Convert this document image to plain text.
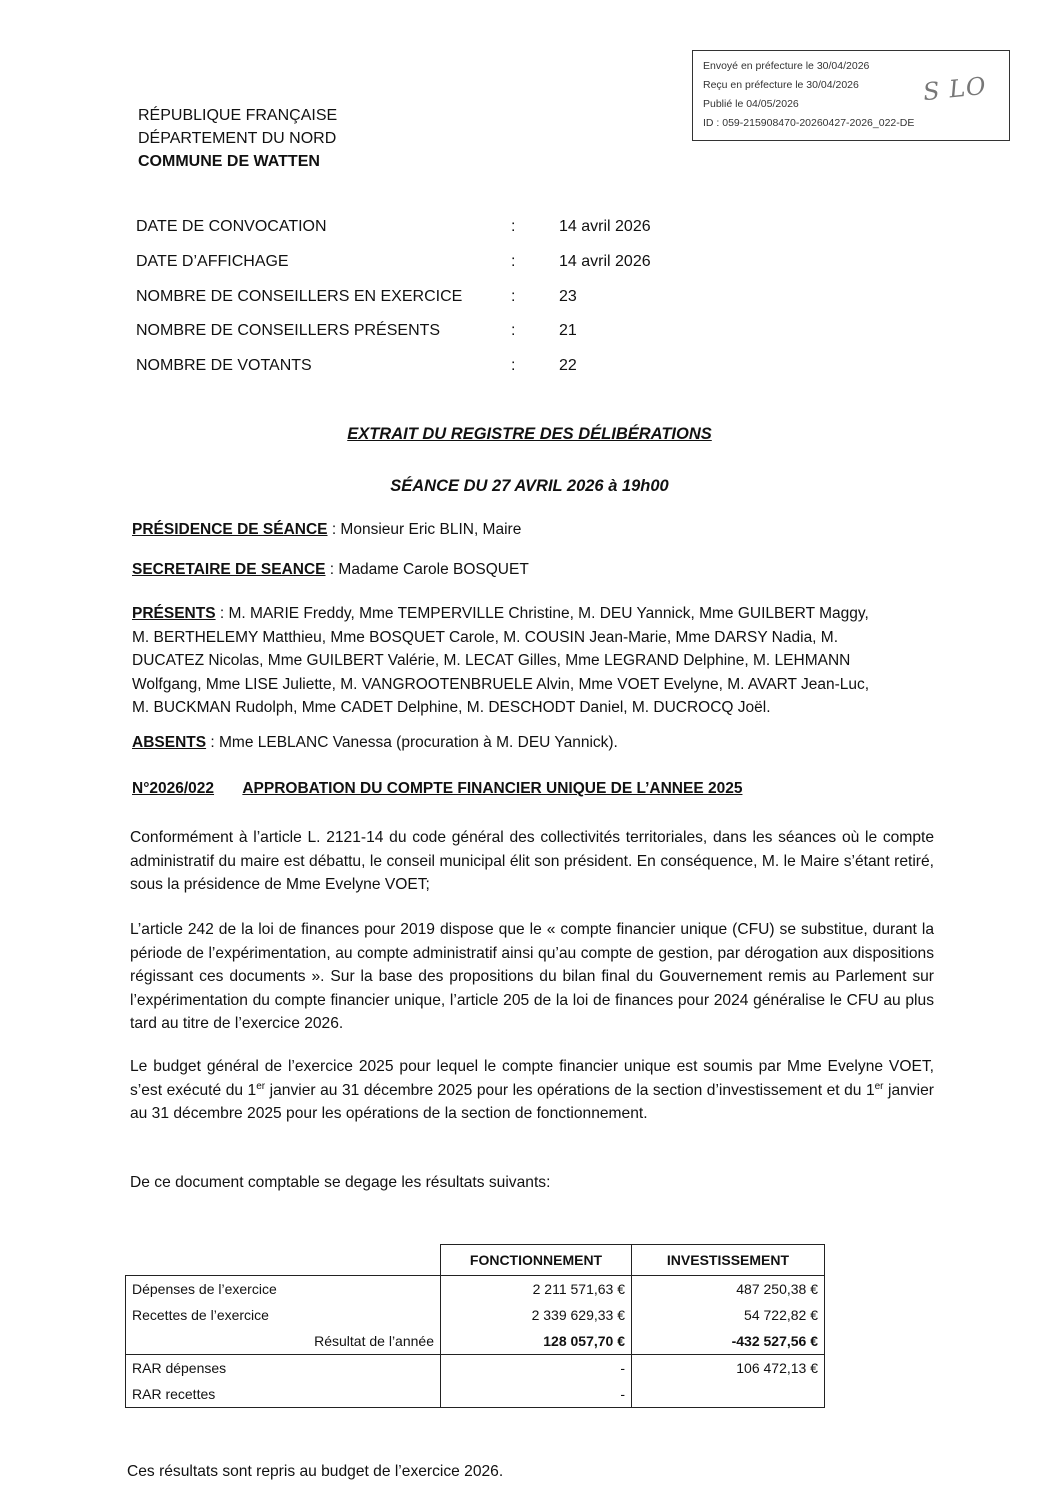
Envoyé en préfecture le 30/04/2026
Reçu en préfecture le 30/04/2026
Publié le 04/05/2026
ID : 059-215908470-20260427-2026_022-DE
S LO
RÉPUBLIQUE FRANÇAISE
DÉPARTEMENT DU NORD
COMMUNE DE WATTEN
DATE DE CONVOCATION	:	14 avril 2026
DATE D’AFFICHAGE	:	14 avril 2026
NOMBRE DE CONSEILLERS EN EXERCICE	:	23
NOMBRE DE CONSEILLERS PRÉSENTS	:	21
NOMBRE DE VOTANTS	:	22
EXTRAIT DU REGISTRE DES DÉLIBÉRATIONS
SÉANCE DU 27 AVRIL 2026 à 19h00
PRÉSIDENCE DE SÉANCE : Monsieur Eric BLIN, Maire
SECRETAIRE DE SEANCE : Madame Carole BOSQUET
PRÉSENTS : M. MARIE Freddy, Mme TEMPERVILLE Christine, M. DEU Yannick, Mme GUILBERT Maggy,
M. BERTHELEMY Matthieu, Mme BOSQUET Carole, M. COUSIN Jean-Marie, Mme DARSY Nadia, M.
DUCATEZ Nicolas, Mme GUILBERT Valérie, M. LECAT Gilles, Mme LEGRAND Delphine, M. LEHMANN
Wolfgang, Mme LISE Juliette, M. VANGROOTENBRUELE Alvin, Mme VOET Evelyne, M. AVART Jean-Luc,
M. BUCKMAN Rudolph, Mme CADET Delphine, M. DESCHODT Daniel, M. DUCROCQ Joël.
ABSENTS : Mme LEBLANC Vanessa (procuration à M. DEU Yannick).
N°2026/022 APPROBATION DU COMPTE FINANCIER UNIQUE DE L’ANNEE 2025
Conformément à l’article L. 2121-14 du code général des collectivités territoriales, dans les séances où le compte administratif du maire est débattu, le conseil municipal élit son président. En conséquence, M. le Maire s’étant retiré, sous la présidence de Mme Evelyne VOET;
L’article 242 de la loi de finances pour 2019 dispose que le « compte financier unique (CFU) se substitue, durant la période de l’expérimentation, au compte administratif ainsi qu’au compte de gestion, par dérogation aux dispositions régissant ces documents ». Sur la base des propositions du bilan final du Gouvernement remis au Parlement sur l’expérimentation du compte financier unique, l’article 205 de la loi de finances pour 2024 généralise le CFU au plus tard au titre de l’exercice 2026.
Le budget général de l’exercice 2025 pour lequel le compte financier unique est soumis par Mme Evelyne VOET, s’est exécuté du 1er janvier au 31 décembre 2025 pour les opérations de la section d’investissement et du 1er janvier au 31 décembre 2025 pour les opérations de la section de fonctionnement.
De ce document comptable se degage les résultats suivants:
	FONCTIONNEMENT	INVESTISSEMENT
Dépenses de l’exercice	2 211 571,63 €	487 250,38 €
Recettes de l’exercice	2 339 629,33 €	54 722,82 €
Résultat de l’année	128 057,70 €	-432 527,56 €
RAR dépenses	-	106 472,13 €
RAR recettes	-	
Ces résultats sont repris au budget de l’exercice 2026.
